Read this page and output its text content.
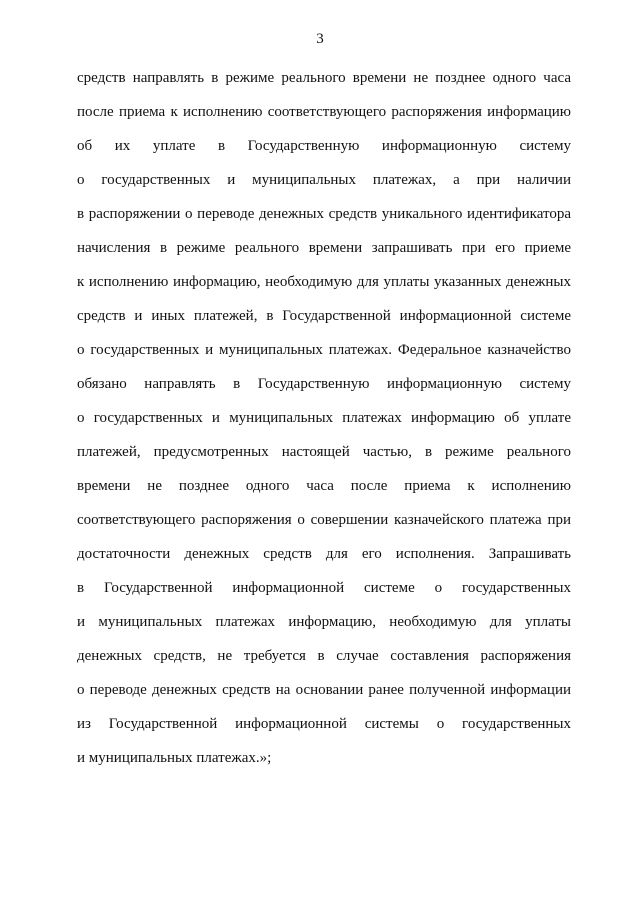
3
средств направлять в режиме реального времени не позднее одного часа
после приема к исполнению соответствующего распоряжения информацию
об их уплате в Государственную информационную систему
о государственных и муниципальных платежах, а при наличии
в распоряжении о переводе денежных средств уникального идентификатора
начисления в режиме реального времени запрашивать при его приеме
к исполнению информацию, необходимую для уплаты указанных денежных
средств и иных платежей, в Государственной информационной системе
о государственных и муниципальных платежах. Федеральное казначейство
обязано направлять в Государственную информационную систему
о государственных и муниципальных платежах информацию об уплате
платежей, предусмотренных настоящей частью, в режиме реального
времени не позднее одного часа после приема к исполнению
соответствующего распоряжения о совершении казначейского платежа при
достаточности денежных средств для его исполнения. Запрашивать
в Государственной информационной системе о государственных
и муниципальных платежах информацию, необходимую для уплаты
денежных средств, не требуется в случае составления распоряжения
о переводе денежных средств на основании ранее полученной информации
из Государственной информационной системы о государственных
и муниципальных платежах.»;
